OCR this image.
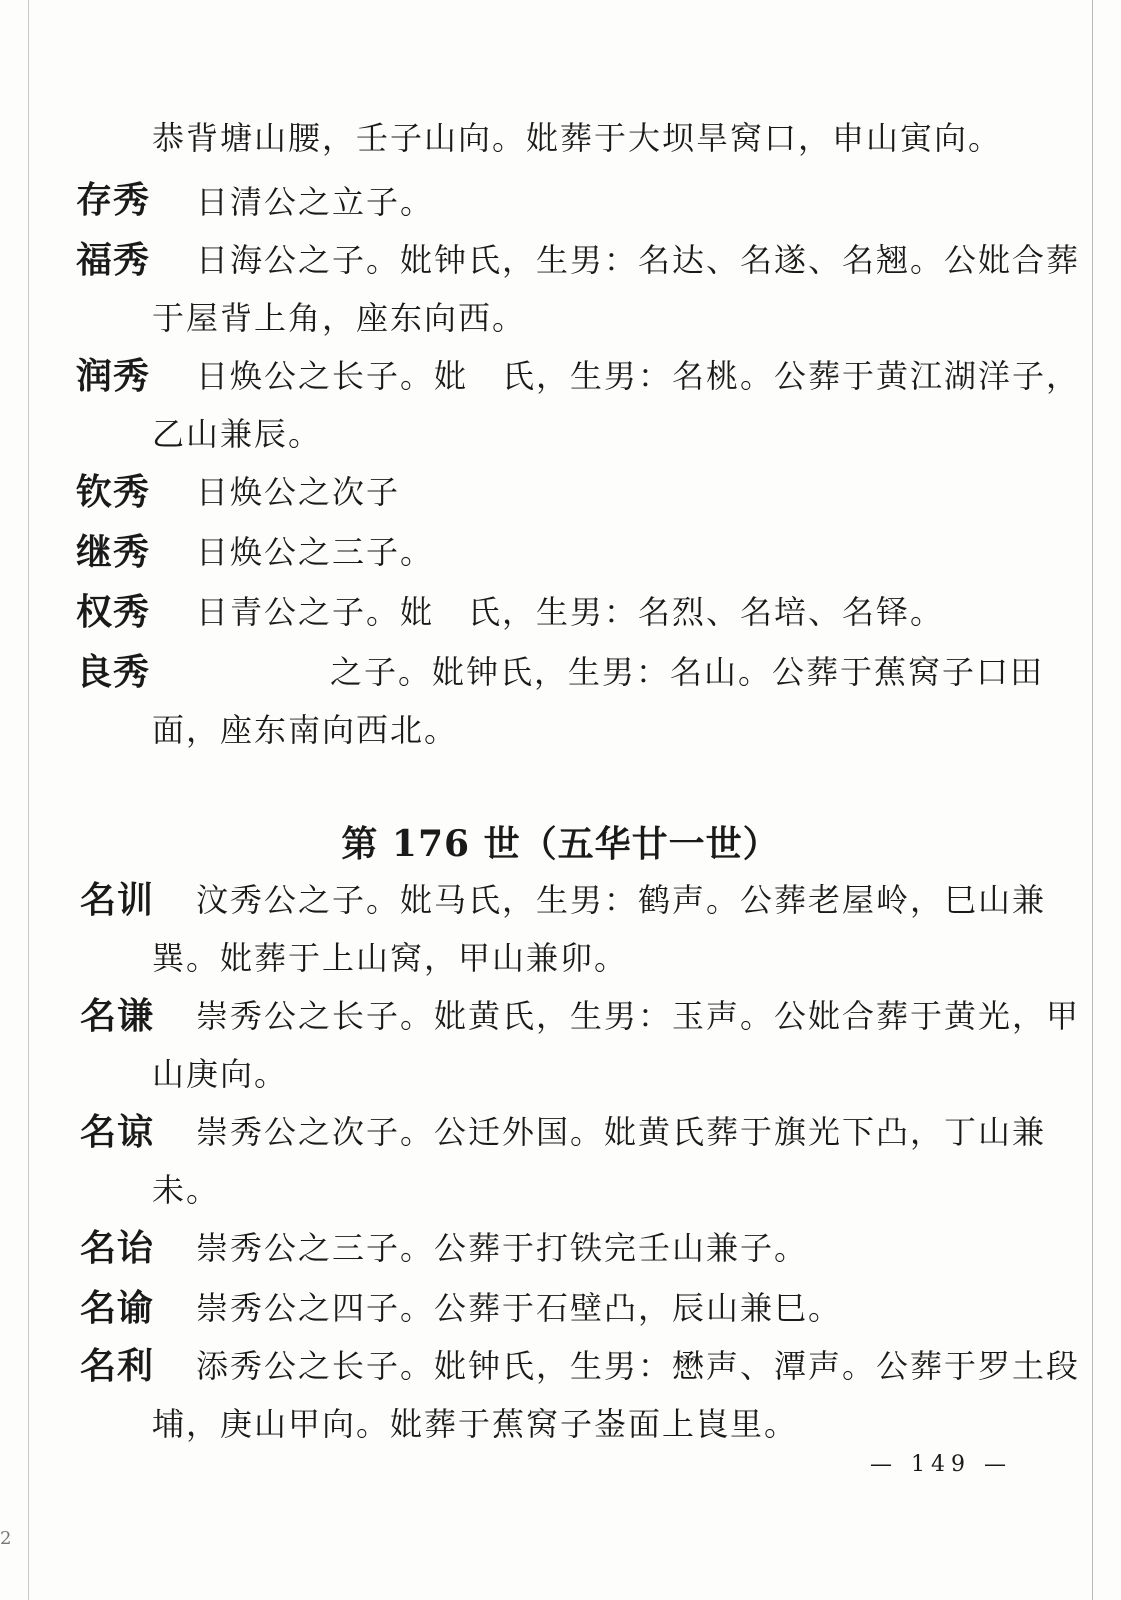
恭背塘山腰，壬子山向。妣葬于大坝旱窝口，申山寅向。
存秀 日清公之立子。
福秀 日海公之子。妣钟氏，生男：名达、名遂、名翘。公妣合葬
于屋背上角，座东向西。
润秀 日焕公之长子。妣　氏，生男：名桃。公葬于黄江湖洋子，
乙山兼辰。
钦秀 日焕公之次子
继秀 日焕公之三子。
权秀 日青公之子。妣　氏，生男：名烈、名培、名铎。
良秀	之子。妣钟氏，生男：名山。公葬于蕉窝子口田
面，座东南向西北。
第 176 世（五华廿一世）
名训 汶秀公之子。妣马氏，生男：鹤声。公葬老屋岭，巳山兼
巽。妣葬于上山窝，甲山兼卯。
名谦 崇秀公之长子。妣黄氏，生男：玉声。公妣合葬于黄光，甲
山庚向。
名谅 崇秀公之次子。公迁外国。妣黄氏葬于旗光下凸，丁山兼
未。
名诒 崇秀公之三子。公葬于打铁完壬山兼子。
名谕 崇秀公之四子。公葬于石壁凸，辰山兼巳。
名利 添秀公之长子。妣钟氏，生男：懋声、潭声。公葬于罗土段
埔，庚山甲向。妣葬于蕉窝子崟面上崀里。
— 149 —
2
